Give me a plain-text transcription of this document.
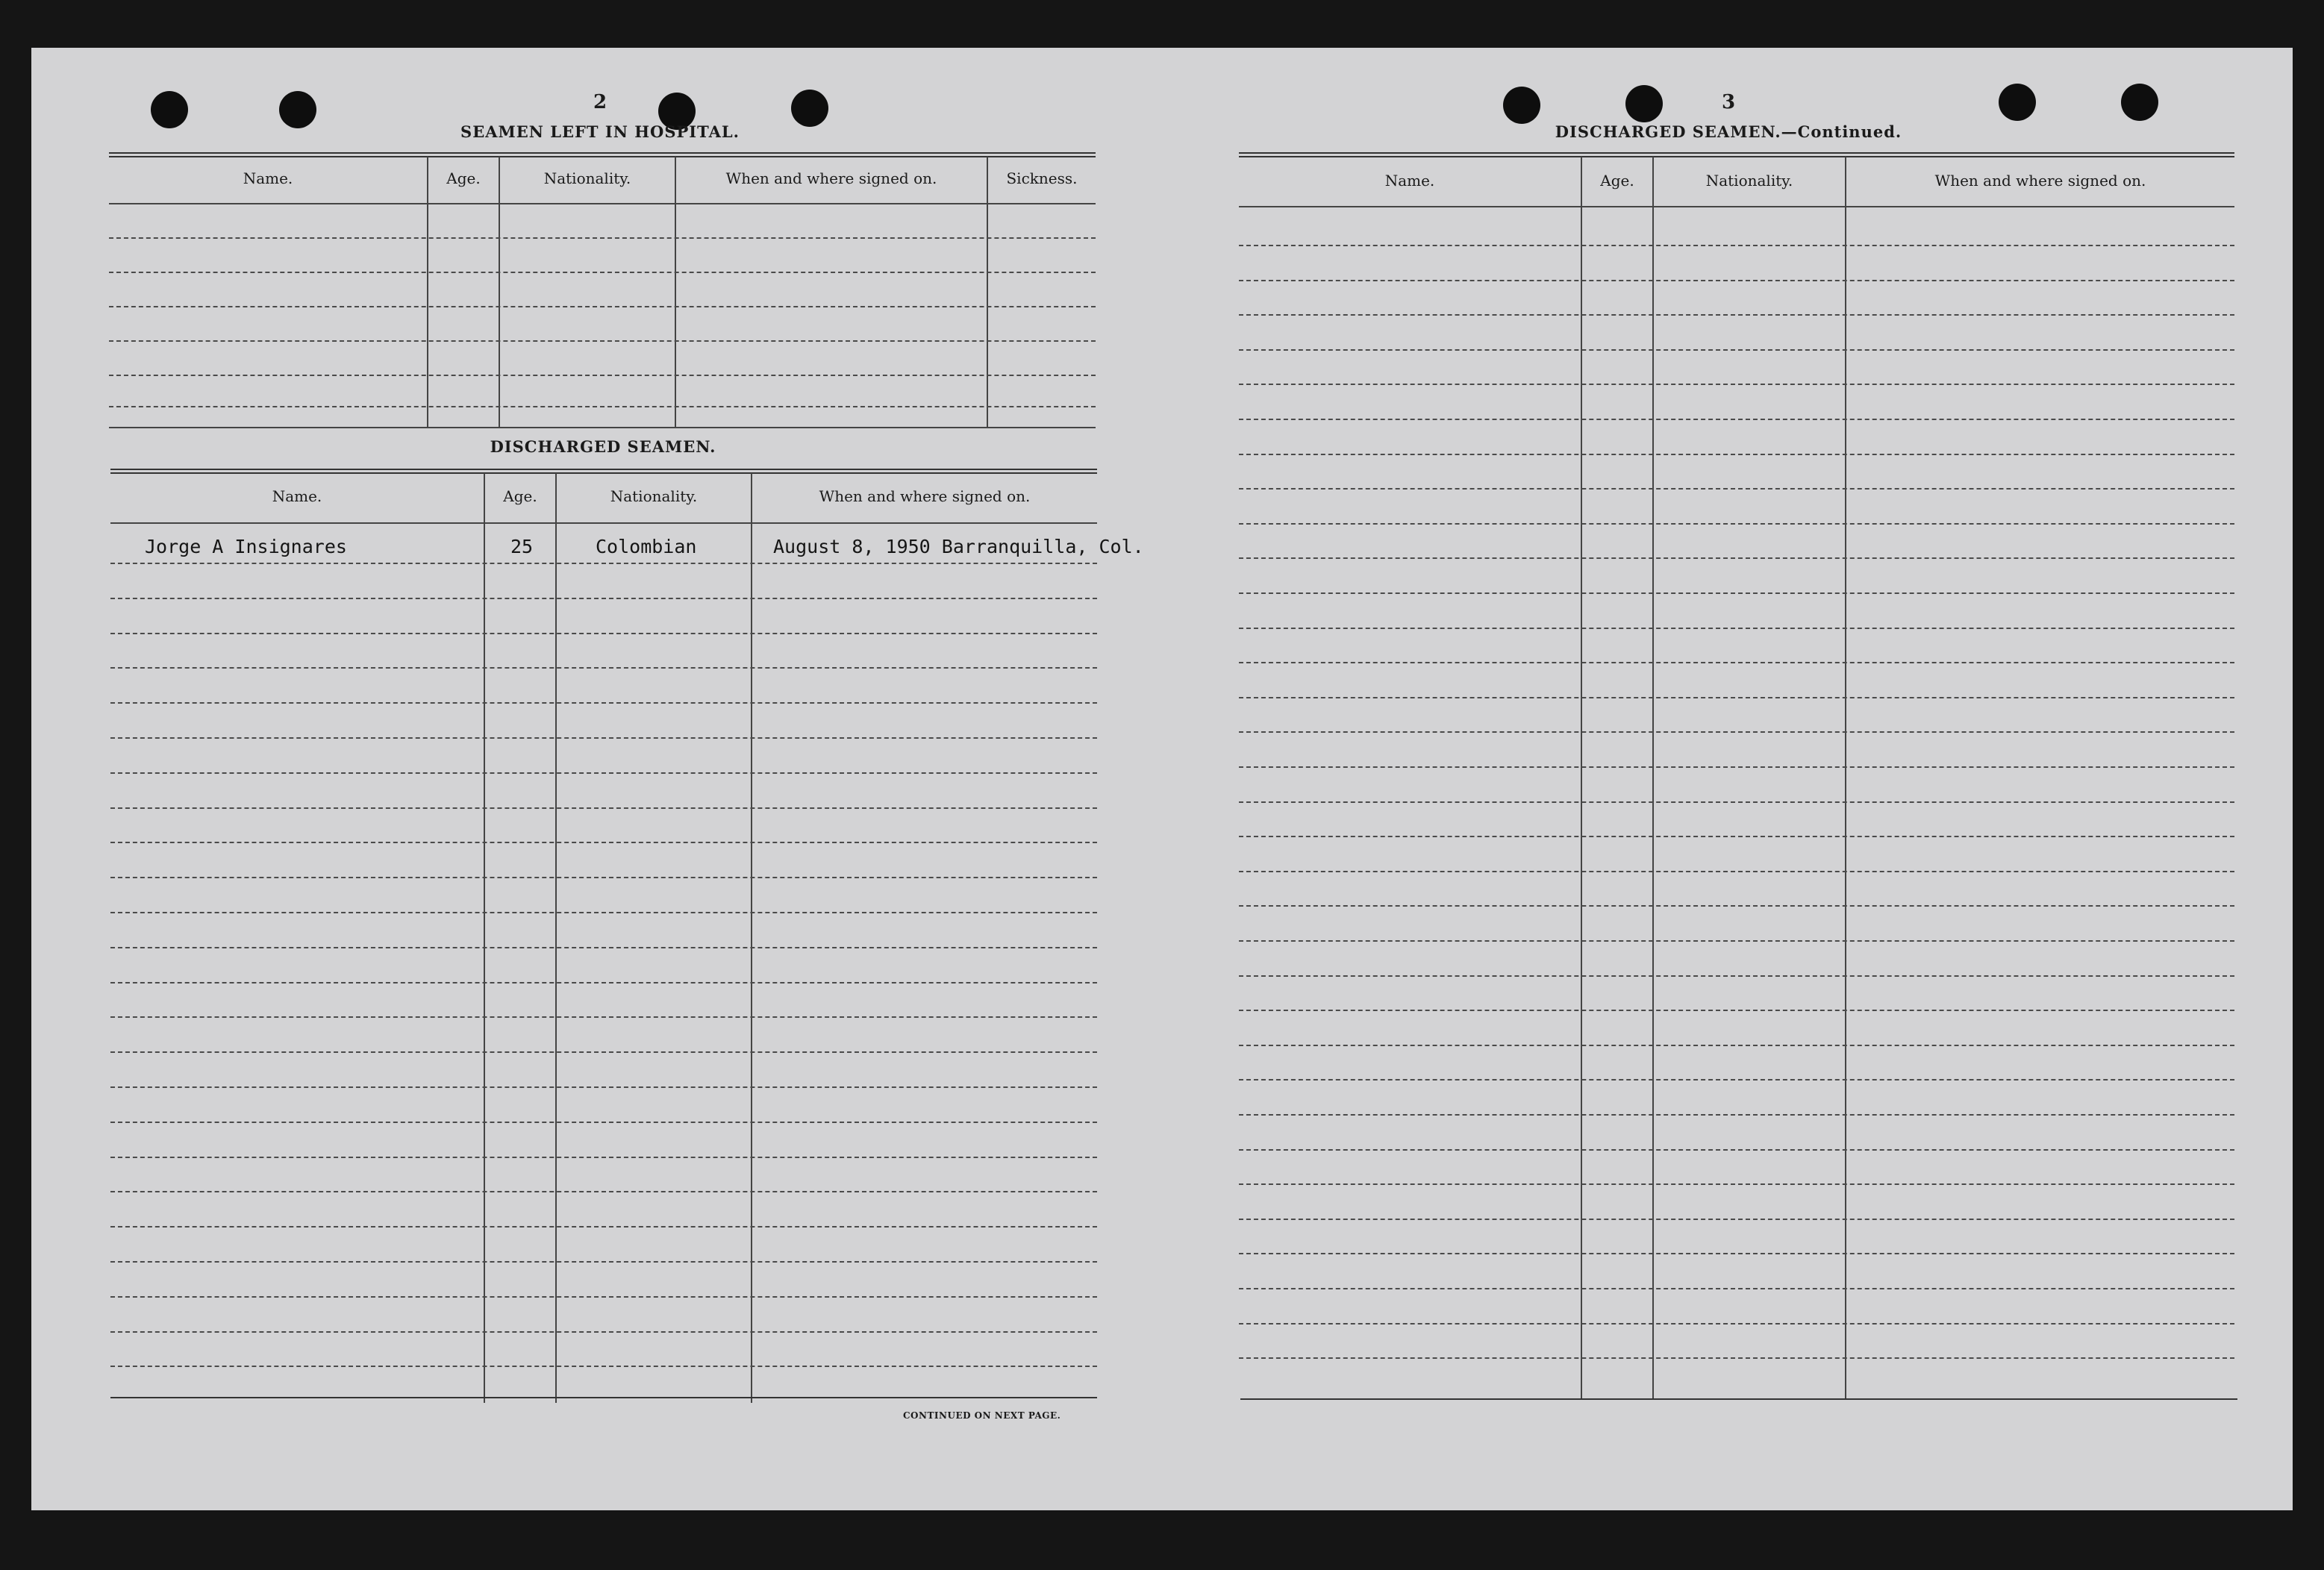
2
SEAMEN LEFT IN HOSPITAL.
Name.	Age.	Nationality.	When and where signed on.	Sickness.
DISCHARGED SEAMEN.
Name.	Age.	Nationality.	When and where signed on.
Jorge A Insignares	25	Colombian	August 8, 1950 Barranquilla, Col.
CONTINUED ON NEXT PAGE.
3
DISCHARGED SEAMEN.—Continued.
Name.	Age.	Nationality.	When and where signed on.
